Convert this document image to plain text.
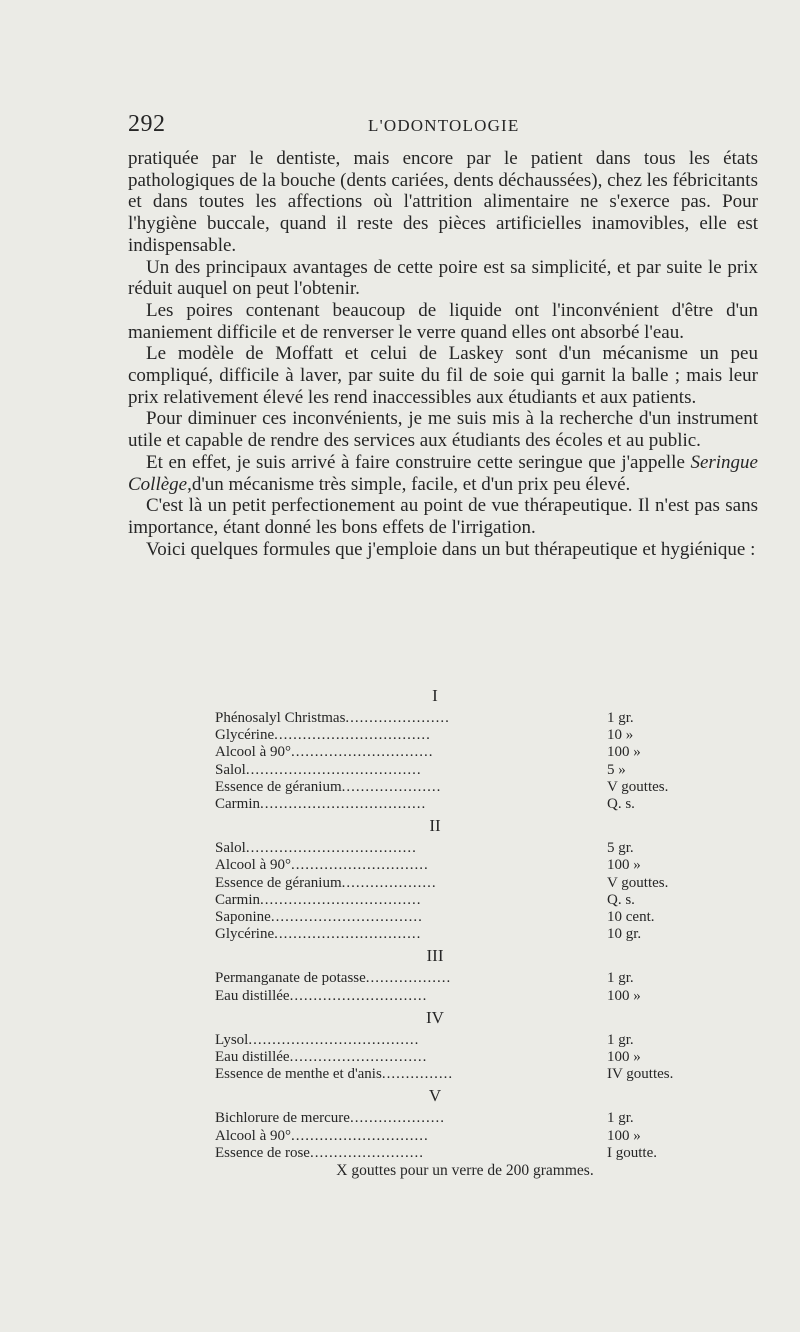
292	L'ODONTOLOGIE

pratiquée par le dentiste, mais encore par le patient dans tous les états pathologiques de la bouche (dents cariées, dents déchaussées), chez les fébricitants et dans toutes les affections où l'attrition alimentaire ne s'exerce pas. Pour l'hygiène buccale, quand il reste des pièces artificielles inamovibles, elle est indispensable.

Un des principaux avantages de cette poire est sa simplicité, et par suite le prix réduit auquel on peut l'obtenir.

Les poires contenant beaucoup de liquide ont l'inconvénient d'être d'un maniement difficile et de renverser le verre quand elles ont absorbé l'eau.

Le modèle de Moffatt et celui de Laskey sont d'un mécanisme un peu compliqué, difficile à laver, par suite du fil de soie qui garnit la balle ; mais leur prix relativement élevé les rend inaccessibles aux étudiants et aux patients.

Pour diminuer ces inconvénients, je me suis mis à la recherche d'un instrument utile et capable de rendre des services aux étudiants des écoles et au public.

Et en effet, je suis arrivé à faire construire cette seringue que j'appelle Seringue Collège,d'un mécanisme très simple, facile, et d'un prix peu élevé.

C'est là un petit perfectionement au point de vue thérapeutique. Il n'est pas sans importance, étant donné les bons effets de l'irrigation.

Voici quelques formules que j'emploie dans un but thérapeutique et hygiénique :

I
Phénosalyl Christmas ......................	1 gr.
Glycérine .................................	10 »
Alcool à 90° ..............................	100 »
Salol .....................................	5 »
Essence de géranium .....................	V gouttes.
Carmin ...................................	Q. s.
II
Salol ....................................	5 gr.
Alcool à 90° .............................	100 »
Essence de géranium ....................	V gouttes.
Carmin ..................................	Q. s.
Saponine ................................	10 cent.
Glycérine ...............................	10 gr.
III
Permanganate de potasse ..................	1 gr.
Eau distillée .............................	100 »
IV
Lysol ....................................	1 gr.
Eau distillée .............................	100 »
Essence de menthe et d'anis ...............	IV gouttes.
V
Bichlorure de mercure ....................	1 gr.
Alcool à 90° .............................	100 »
Essence de rose ........................	I goutte.
X gouttes pour un verre de 200 grammes.
